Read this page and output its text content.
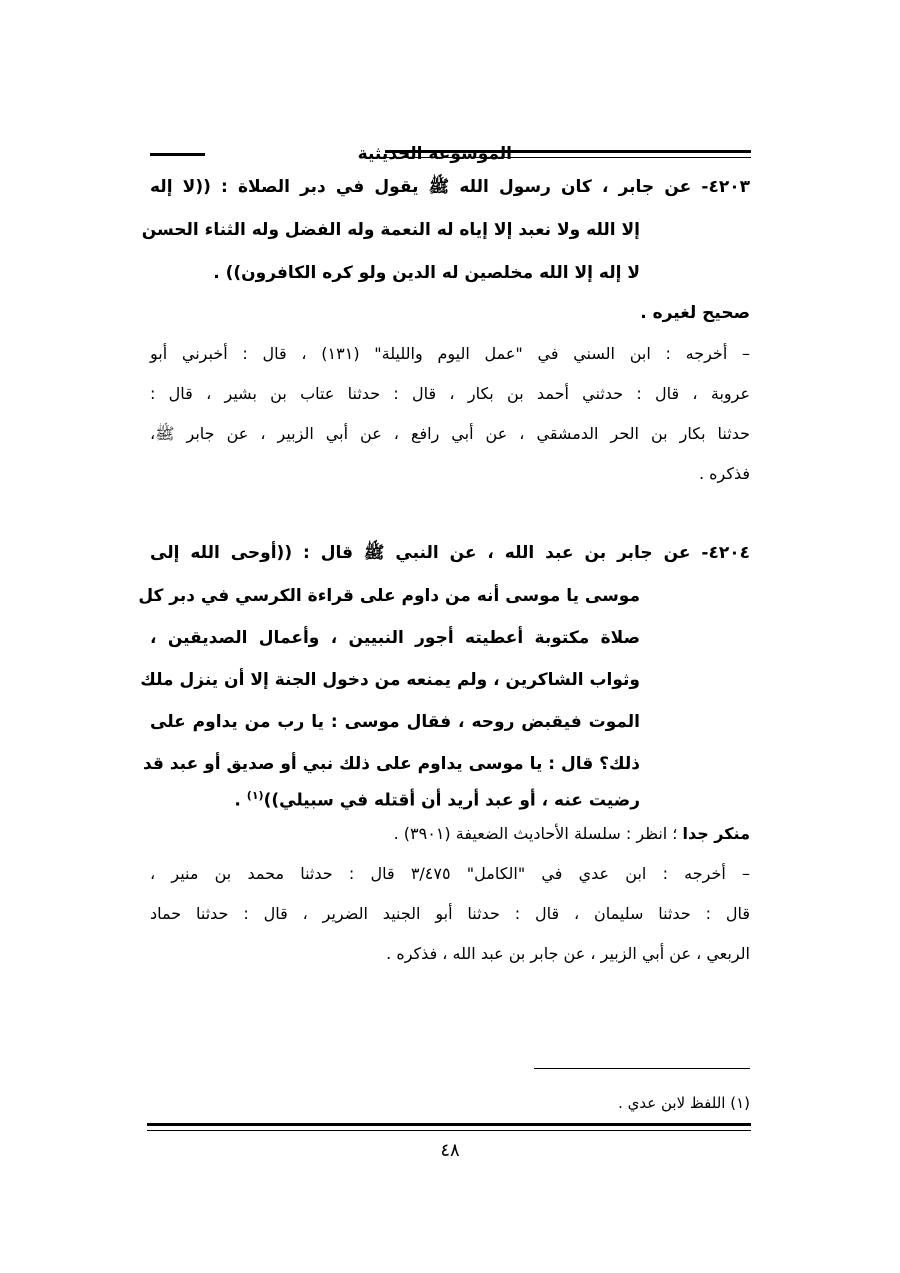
الموسوعة الحديثية
٤٢٠٣- عن جابر ، كان رسول الله ﷺ يقول في دبر الصلاة : ((لا إله
إلا الله ولا نعبد إلا إياه له النعمة وله الفضل وله الثناء الحسن
لا إله إلا الله مخلصين له الدين ولو كره الكافرون)) .
صحيح لغيره .
– أخرجه : ابن السني في "عمل اليوم والليلة" (١٣١) ، قال : أخبرني أبو
عروبة ، قال : حدثني أحمد بن بكار ، قال : حدثنا عتاب بن بشير ، قال :
حدثنا بكار بن الحر الدمشقي ، عن أبي رافع ، عن أبي الزبير ، عن جابر ﷺ،
فذكره .
٤٢٠٤- عن جابر بن عبد الله ، عن النبي ﷺ قال : ((أوحى الله إلى
موسى يا موسى أنه من داوم على قراءة الكرسي في دبر كل
صلاة مكتوبة أعطيته أجور النبيين ، وأعمال الصديقين ،
وثواب الشاكرين ، ولم يمنعه من دخول الجنة إلا أن ينزل ملك
الموت فيقبض روحه ، فقال موسى : يا رب من يداوم على
ذلك؟ قال : يا موسى يداوم على ذلك نبي أو صديق أو عبد قد
رضيت عنه ، أو عبد أريد أن أقتله في سبيلي))$^{(١)}$ .
منكر جدا ؛ انظر : سلسلة الأحاديث الضعيفة (٣٩٠١) .
– أخرجه : ابن عدي في "الكامل" ٣/٤٧٥ قال : حدثنا محمد بن منير ،
قال : حدثنا سليمان ، قال : حدثنا أبو الجنيد الضرير ، قال : حدثنا حماد
الربعي ، عن أبي الزبير ، عن جابر بن عبد الله ، فذكره .
(١) اللفظ لابن عدي .
٤٨
